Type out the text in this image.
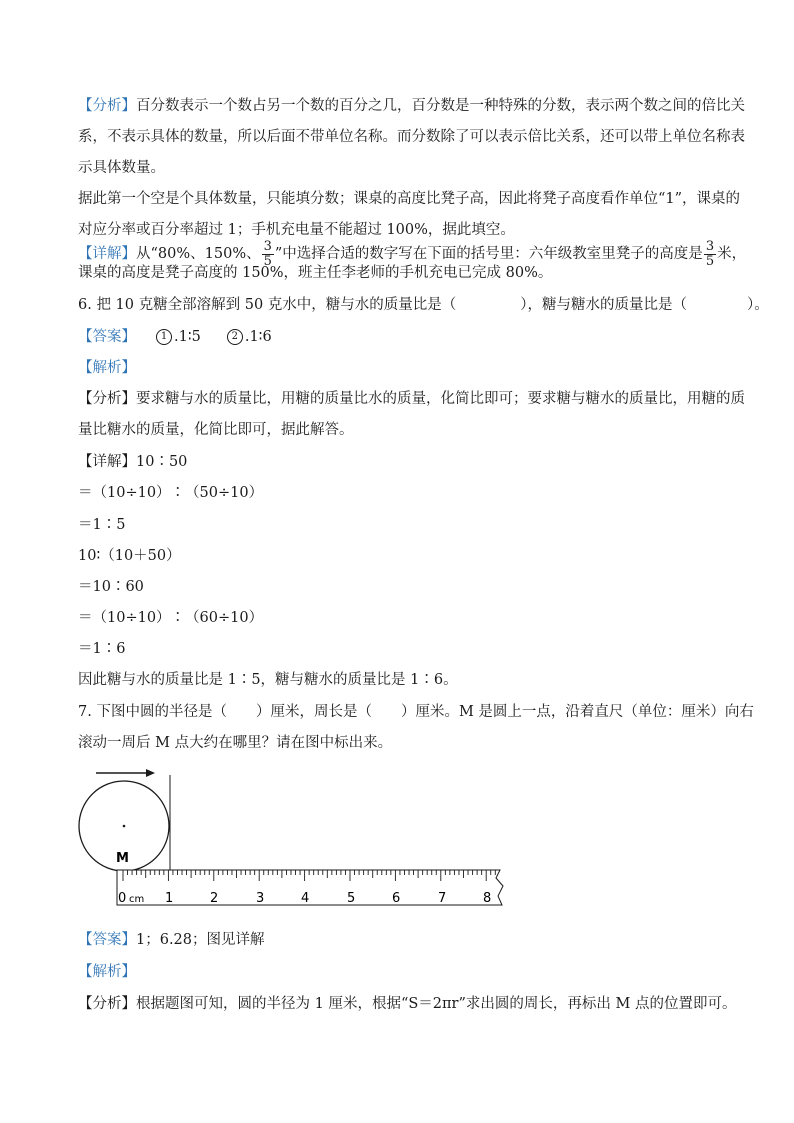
【分析】百分数表示一个数占另一个数的百分之几，百分数是一种特殊的分数，表示两个数之间的倍比关
系，不表示具体的数量，所以后面不带单位名称。而分数除了可以表示倍比关系，还可以带上单位名称表
示具体数量。
据此第一个空是个具体数量，只能填分数；课桌的高度比凳子高，因此将凳子高度看作单位“1”，课桌的
对应分率或百分率超过 1；手机充电量不能超过 100%，据此填空。
【详解】从“80%、150%、 $\frac{3}{5}$ ”中选择合适的数字写在下面的括号里：六年级教室里凳子的高度是 $\frac{3}{5}$ 米，
课桌的高度是凳子高度的 150%，班主任李老师的手机充电已完成 80%。
6. 把 10 克糖全部溶解到 50 克水中，糖与水的质量比是（	），糖与糖水的质量比是（	）。
【答案】 1 .1∶5	2 .1∶6
【解析】
【分析】要求糖与水的质量比，用糖的质量比水的质量，化简比即可；要求糖与糖水的质量比，用糖的质
量比糖水的质量，化简比即可，据此解答。
【详解】10∶50
＝（10÷10）∶（50÷10）
＝1∶5
10∶（10＋50）
＝10∶60
＝（10÷10）∶（60÷10）
＝1∶6
因此糖与水的质量比是 1∶5，糖与糖水的质量比是 1∶6。
7. 下图中圆的半径是（　　）厘米，周长是（　　）厘米。M 是圆上一点，沿着直尺（单位：厘米）向右
滚动一周后 M 点大约在哪里？请在图中标出来。
M
0 cm 1	2	3	4	5	6	7	8
【答案】1；6.28；图见详解
【解析】
【分析】根据题图可知，圆的半径为 1 厘米，根据“S＝2πr”求出圆的周长，再标出 M 点的位置即可。
